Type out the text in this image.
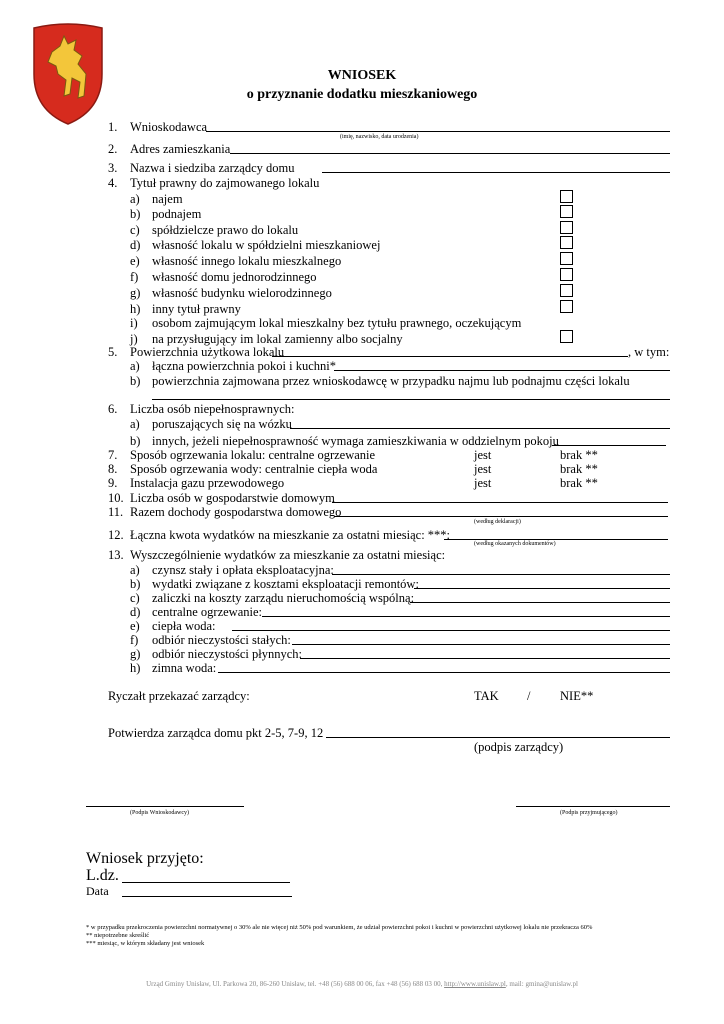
WNIOSEK
o przyznanie dodatku mieszkaniowego
1. Wnioskodawca
(imię, nazwisko, data urodzenia)
2. Adres zamieszkania
3. Nazwa i siedziba zarządcy domu
4. Tytuł prawny do zajmowanego lokalu
a) najem
b) podnajem
c) spółdzielcze prawo do lokalu
d) własność lokalu w spółdzielni mieszkaniowej
e) własność innego lokalu mieszkalnego
f) własność domu jednorodzinnego
g) własność budynku wielorodzinnego
h) inny tytuł prawny
i) osobom zajmującym lokal mieszkalny bez tytułu prawnego, oczekującym
j) na przysługujący im lokal zamienny albo socjalny
5. Powierzchnia użytkowa lokalu	, w tym:
a) łączna powierzchnia pokoi i kuchni*
b) powierzchnia zajmowana przez wnioskodawcę w przypadku najmu lub podnajmu części lokalu
6. Liczba osób niepełnosprawnych:
a) poruszających się na wózku
b) innych, jeżeli niepełnosprawność wymaga zamieszkiwania w oddzielnym pokoju
7. Sposób ogrzewania lokalu: centralne ogrzewanie	jest	brak **
8. Sposób ogrzewania wody: centralnie ciepła woda	jest	brak **
9. Instalacja gazu przewodowego	jest	brak **
10. Liczba osób w gospodarstwie domowym
11. Razem dochody gospodarstwa domowego
(według deklaracji)
12. Łączna kwota wydatków na mieszkanie za ostatni miesiąc: ***:
(według okazanych dokumentów)
13. Wyszczególnienie wydatków za mieszkanie za ostatni miesiąc:
a) czynsz stały i opłata eksploatacyjna:
b) wydatki związane z kosztami eksploatacji remontów:
c) zaliczki na koszty zarządu nieruchomością wspólną:
d) centralne ogrzewanie:
e) ciepła woda:
f) odbiór nieczystości stałych:
g) odbiór nieczystości płynnych:
h) zimna woda:
Ryczałt przekazać zarządcy:	TAK / NIE**
Potwierdza zarządca domu pkt 2-5, 7-9, 12
(podpis zarządcy)
(Podpis Wnioskodawcy)	(Podpis przyjmującego)
Wniosek przyjęto:
L.dz.
Data
* w przypadku przekroczenia powierzchni normatywnej o 30% ale nie więcej niż 50% pod warunkiem, że udział powierzchni pokoi i kuchni w powierzchni użytkowej lokalu nie przekracza 60%
** niepotrzebne skreślić
*** miesiąc, w którym składany jest wniosek
Urząd Gminy Unisław, Ul. Parkowa 20, 86-260 Unisław, tel. +48 (56) 688 00 06, fax +48 (56) 688 03 00, http://www.unislaw.pl, mail: gmina@unislaw.pl
